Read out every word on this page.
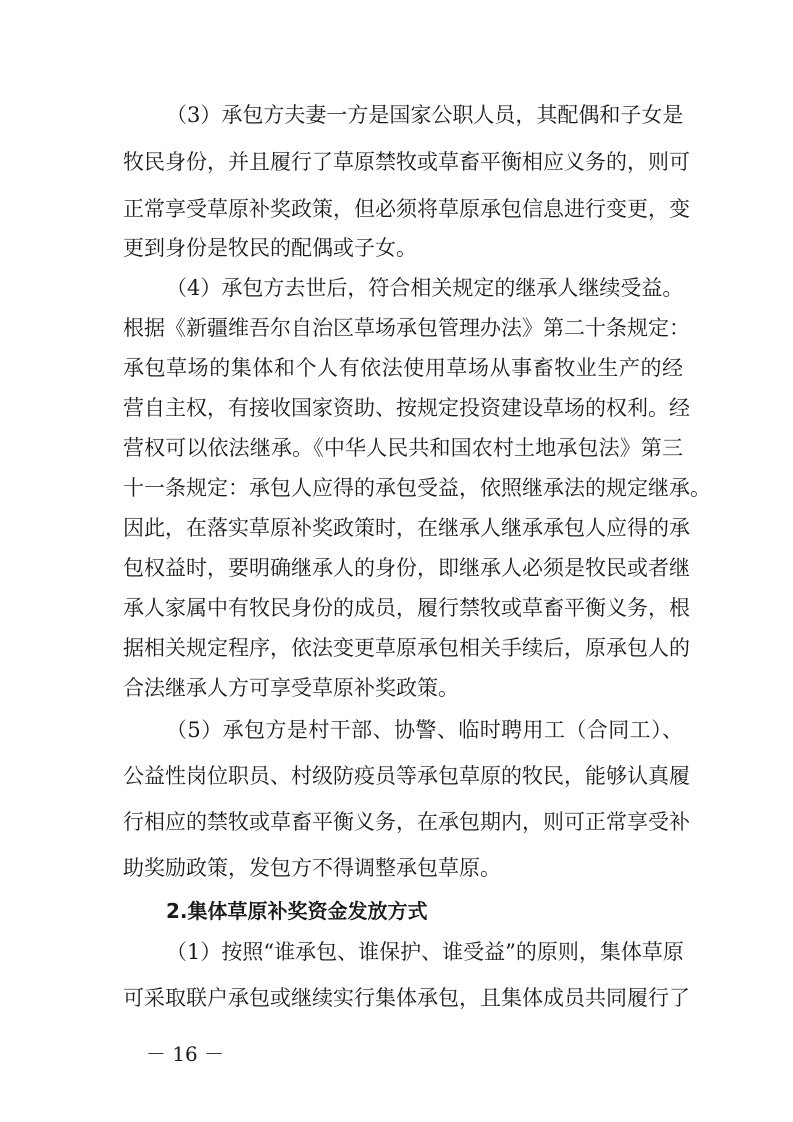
（3）承包方夫妻一方是国家公职人员，其配偶和子女是
牧民身份，并且履行了草原禁牧或草畜平衡相应义务的，则可
正常享受草原补奖政策，但必须将草原承包信息进行变更，变
更到身份是牧民的配偶或子女。
（4）承包方去世后，符合相关规定的继承人继续受益。
根据《新疆维吾尔自治区草场承包管理办法》第二十条规定：
承包草场的集体和个人有依法使用草场从事畜牧业生产的经
营自主权，有接收国家资助、按规定投资建设草场的权利。经
营权可以依法继承。《中华人民共和国农村土地承包法》第三
十一条规定：承包人应得的承包受益，依照继承法的规定继承。
因此，在落实草原补奖政策时，在继承人继承承包人应得的承
包权益时，要明确继承人的身份，即继承人必须是牧民或者继
承人家属中有牧民身份的成员，履行禁牧或草畜平衡义务，根
据相关规定程序，依法变更草原承包相关手续后，原承包人的
合法继承人方可享受草原补奖政策。
（5）承包方是村干部、协警、临时聘用工（合同工）、
公益性岗位职员、村级防疫员等承包草原的牧民，能够认真履
行相应的禁牧或草畜平衡义务，在承包期内，则可正常享受补
助奖励政策，发包方不得调整承包草原。
2.集体草原补奖资金发放方式
（1）按照“谁承包、谁保护、谁受益”的原则，集体草原
可采取联户承包或继续实行集体承包，且集体成员共同履行了
－ 16 －
